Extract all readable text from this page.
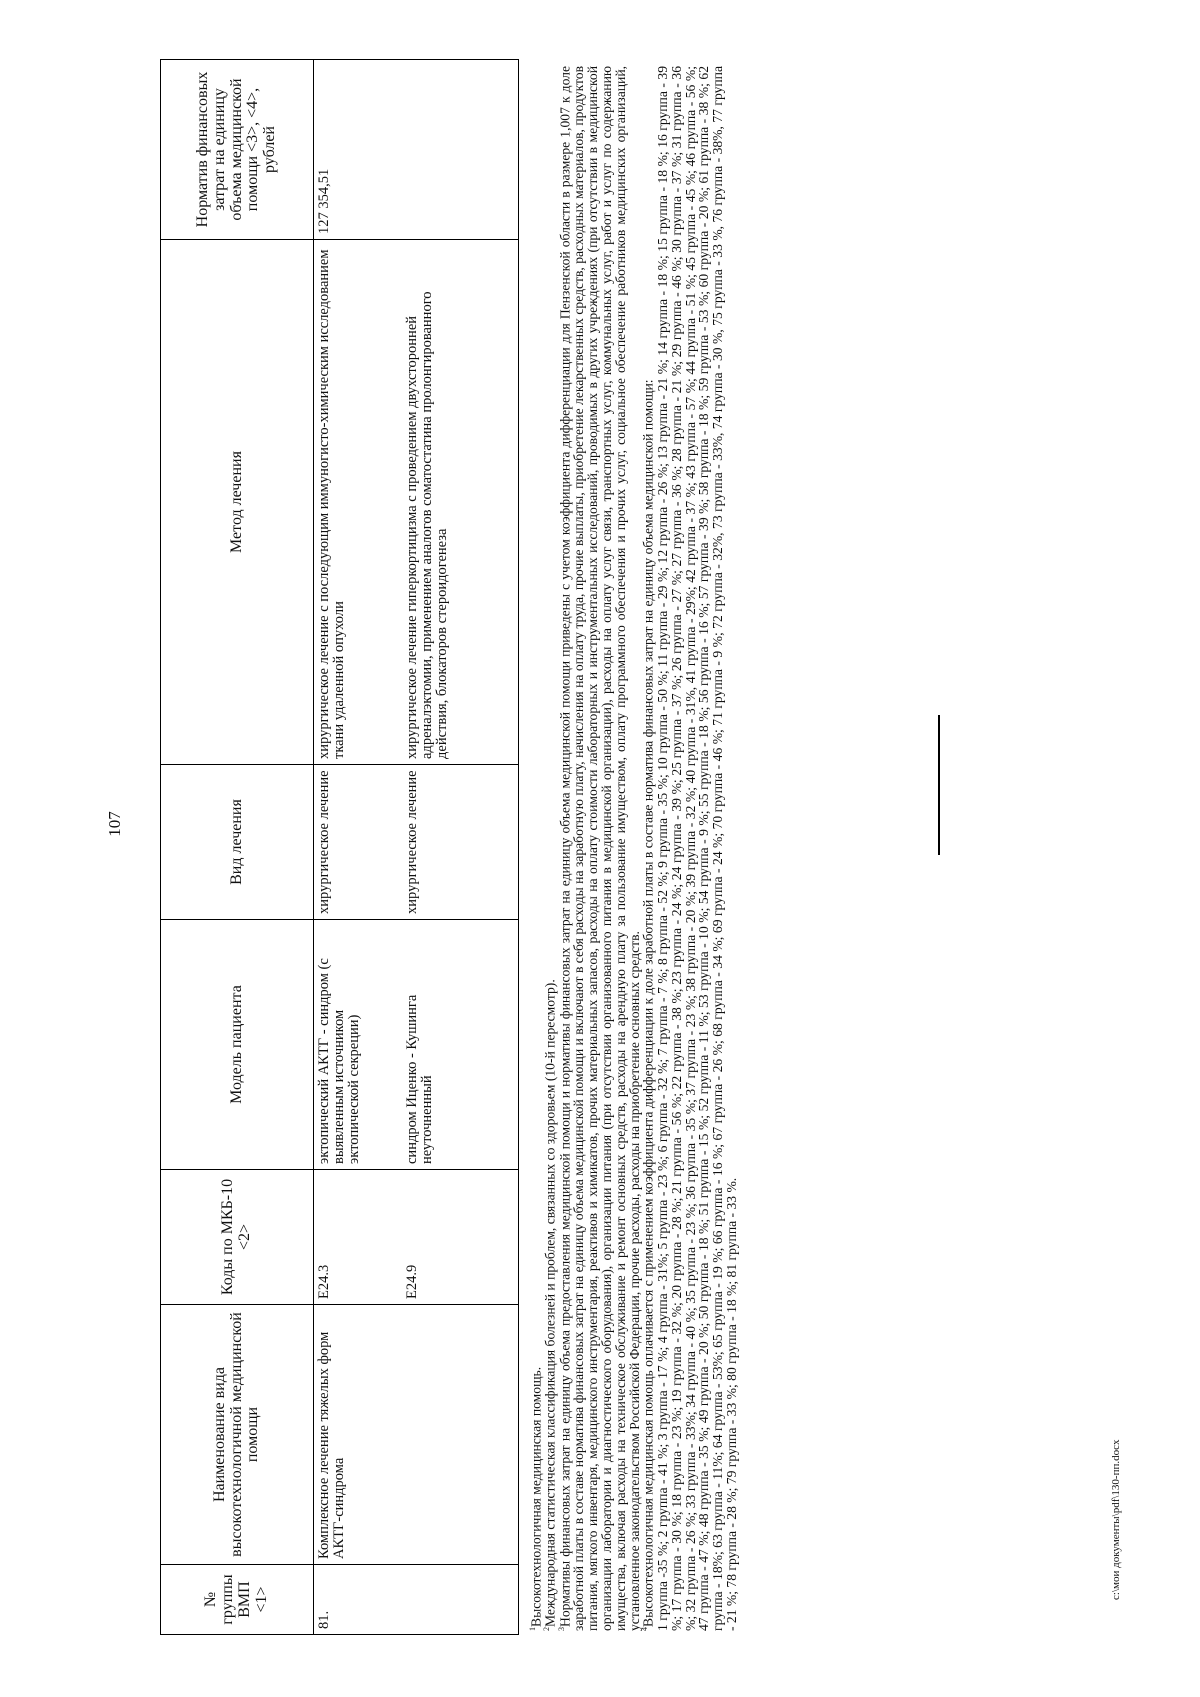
107
c:\мои документы\pdf\130-пп.docx
№ группы ВМП <1>	Наименование вида высокотехнологичной медицинской помощи	Коды по МКБ-10 <2>	Модель пациента	Вид лечения	Метод лечения	Норматив финансовых затрат на единицу объема медицинской помощи <3>, <4>, рублей
81.	Комплексное лечение тяжелых форм АКТГ-синдрома	E24.3	эктопический АКТГ - синдром (с выявленным источником эктопической секреции)	хирургическое лечение	хирургическое лечение с последующим иммуногисто-химическим исследованием ткани удаленной опухоли	127 354,51
		E24.9	синдром Иценко - Кушинга неуточненный	хирургическое лечение	хирургическое лечение гиперкортицизма с проведением двухсторонней адреналэктомии, применением аналогов соматостатина пролонгированного действия, блокаторов стероидогенеза	

$^1$Высокотехнологичная медицинская помощь.

$^2$Международная статистическая классификация болезней и проблем, связанных со здоровьем (10-й пересмотр).

$^3$Нормативы финансовых затрат на единицу объема предоставления медицинской помощи и нормативы финансовых затрат на единицу объема медицинской помощи приведены с учетом коэффициента дифференциации для Пензенской области в размере 1,007 к доле заработной платы в составе норматива финансовых затрат на единицу объема медицинской помощи и включают в себя расходы на заработную плату, начисления на оплату труда, прочие выплаты, приобретение лекарственных средств, расходных материалов, продуктов питания, мягкого инвентаря, медицинского инструментария, реактивов и химикатов, прочих материальных запасов, расходы на оплату стоимости лабораторных и инструментальных исследований, проводимых в других учреждениях (при отсутствии в медицинской организации лаборатории и диагностического оборудования), организации питания (при отсутствии организованного питания в медицинской организации), расходы на оплату услуг связи, транспортных услуг, коммунальных услуг, работ и услуг по содержанию имущества, включая расходы на техническое обслуживание и ремонт основных средств, расходы на арендную плату за пользование имуществом, оплату программного обеспечения и прочих услуг, социальное обеспечение работников медицинских организаций, установленное законодательством Российской Федерации, прочие расходы, расходы на приобретение основных средств.

$^4$Высокотехнологичная медицинская помощь оплачивается с применением коэффициента дифференциации к доле заработной платы в составе норматива финансовых затрат на единицу объема медицинской помощи:

1 группа -35 %; 2 группа - 41 %; 3 группа - 17 %; 4 группа - 31%; 5 группа - 23 %; 6 группа - 32 %; 7 группа - 7 %; 8 группа - 52 %; 9 группа - 35 %; 10 группа - 50 %; 11 группа - 29 %; 12 группа - 26 %; 13 группа - 21 %; 14 группа - 18 %; 15 группа - 18 %; 16 группа - 39 %; 17 группа - 30 %; 18 группа - 23 %; 19 группа - 32 %; 20 группа - 28 %; 21 группа - 56 %; 22 группа - 38 %; 23 группа - 24 %; 24 группа - 39 %; 25 группа - 37 %; 26 группа - 27 %; 27 группа - 36 %; 28 группа - 21 %; 29 группа - 46 %; 30 группа - 37 %; 31 группа - 36 %; 32 группа - 26 %; 33 группа - 33%; 34 группа - 40 %; 35 группа - 23 %; 36 группа - 35 %; 37 группа - 23 %; 38 группа - 20 %; 39 группа - 32 %; 40 группа - 31%, 41 группа - 29%; 42 группа - 37 %; 43 группа - 57 %; 44 группа - 51 %; 45 группа - 45 %; 46 группа - 56 %; 47 группа - 47 %; 48 группа - 35 %; 49 группа - 20 %; 50 группа - 18 %; 51 группа - 15 %; 52 группа - 11 %; 53 группа - 10 %; 54 группа - 9 %; 55 группа - 18 %; 56 группа - 16 %; 57 группа - 39 %; 58 группа - 18 %; 59 группа - 53 %; 60 группа - 20 %; 61 группа - 38 %; 62 группа - 18%; 63 группа - 11%; 64 группа - 53%; 65 группа - 19 %; 66 группа - 16 %; 67 группа - 26 %; 68 группа - 34 %; 69 группа - 24 %; 70 группа - 46 %; 71 группа - 9 %; 72 группа - 32%, 73 группа - 33%, 74 группа - 30 %, 75 группа - 33 %, 76 группа - 38%, 77 группа - 21 %; 78 группа - 28 %; 79 группа - 33 %; 80 группа - 18 %; 81 группа - 33 %.
